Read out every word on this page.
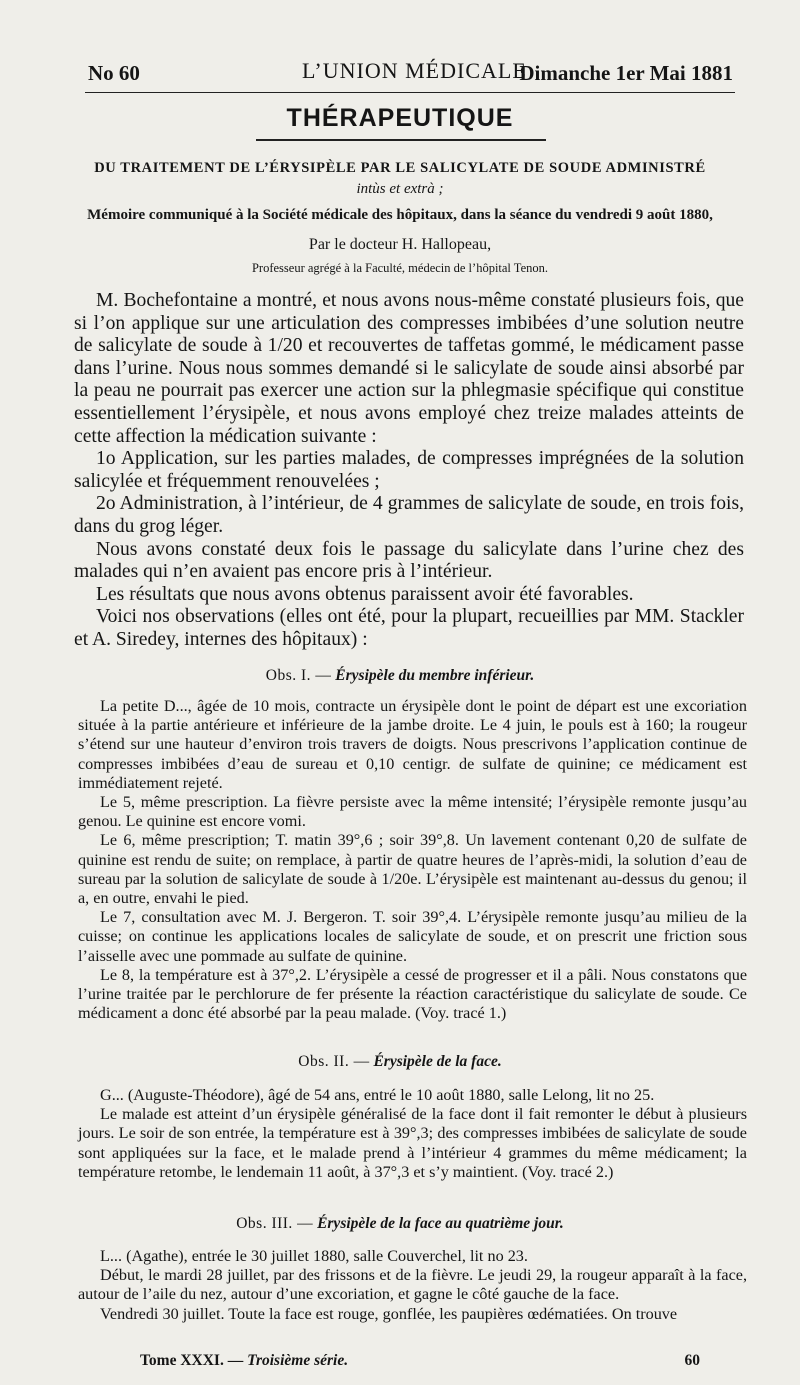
No 60	L’UNION MÉDICALE
Dimanche 1er Mai 1881
THÉRAPEUTIQUE
DU TRAITEMENT DE L’ÉRYSIPÈLE PAR LE SALICYLATE DE SOUDE ADMINISTRÉ
intùs et extrà ;
Mémoire communiqué à la Société médicale des hôpitaux, dans la séance du vendredi 9 août 1880,
Par le docteur H. Hallopeau,
Professeur agrégé à la Faculté, médecin de l’hôpital Tenon.

M. Bochefontaine a montré, et nous avons nous-même constaté plusieurs fois, que si l’on applique sur une articulation des compresses imbibées d’une solution neutre de salicylate de soude à 1/20 et recouvertes de taffetas gommé, le médicament passe dans l’urine. Nous nous sommes demandé si le salicylate de soude ainsi absorbé par la peau ne pourrait pas exercer une action sur la phlegmasie spécifique qui constitue essentiellement l’érysipèle, et nous avons employé chez treize malades atteints de cette affection la médication suivante :

1o Application, sur les parties malades, de compresses imprégnées de la solution salicylée et fréquemment renouvelées ;

2o Administration, à l’intérieur, de 4 grammes de salicylate de soude, en trois fois, dans du grog léger.

Nous avons constaté deux fois le passage du salicylate dans l’urine chez des malades qui n’en avaient pas encore pris à l’intérieur.

Les résultats que nous avons obtenus paraissent avoir été favorables.

Voici nos observations (elles ont été, pour la plupart, recueillies par MM. Stackler et A. Siredey, internes des hôpitaux) :

Obs. I. — Érysipèle du membre inférieur.

La petite D..., âgée de 10 mois, contracte un érysipèle dont le point de départ est une excoriation située à la partie antérieure et inférieure de la jambe droite. Le 4 juin, le pouls est à 160; la rougeur s’étend sur une hauteur d’environ trois travers de doigts. Nous prescrivons l’application continue de compresses imbibées d’eau de sureau et 0,10 centigr. de sulfate de quinine; ce médicament est immédiatement rejeté.

Le 5, même prescription. La fièvre persiste avec la même intensité; l’érysipèle remonte jusqu’au genou. Le quinine est encore vomi.

Le 6, même prescription; T. matin 39°,6 ; soir 39°,8. Un lavement contenant 0,20 de sulfate de quinine est rendu de suite; on remplace, à partir de quatre heures de l’après-midi, la solution d’eau de sureau par la solution de salicylate de soude à 1/20e. L’érysipèle est maintenant au-dessus du genou; il a, en outre, envahi le pied.

Le 7, consultation avec M. J. Bergeron. T. soir 39°,4. L’érysipèle remonte jusqu’au milieu de la cuisse; on continue les applications locales de salicylate de soude, et on prescrit une friction sous l’aisselle avec une pommade au sulfate de quinine.

Le 8, la température est à 37°,2. L’érysipèle a cessé de progresser et il a pâli. Nous constatons que l’urine traitée par le perchlorure de fer présente la réaction caractéristique du salicylate de soude. Ce médicament a donc été absorbé par la peau malade. (Voy. tracé 1.)

Obs. II. — Érysipèle de la face.

G... (Auguste-Théodore), âgé de 54 ans, entré le 10 août 1880, salle Lelong, lit no 25.

Le malade est atteint d’un érysipèle généralisé de la face dont il fait remonter le début à plusieurs jours. Le soir de son entrée, la température est à 39°,3; des compresses imbibées de salicylate de soude sont appliquées sur la face, et le malade prend à l’intérieur 4 grammes du même médicament; la température retombe, le lendemain 11 août, à 37°,3 et s’y maintient. (Voy. tracé 2.)

Obs. III. — Érysipèle de la face au quatrième jour.

L... (Agathe), entrée le 30 juillet 1880, salle Couverchel, lit no 23.

Début, le mardi 28 juillet, par des frissons et de la fièvre. Le jeudi 29, la rougeur apparaît à la face, autour de l’aile du nez, autour d’une excoriation, et gagne le côté gauche de la face.

Vendredi 30 juillet. Toute la face est rouge, gonflée, les paupières œdématiées. On trouve

Tome XXXI. — Troisième série.	60
